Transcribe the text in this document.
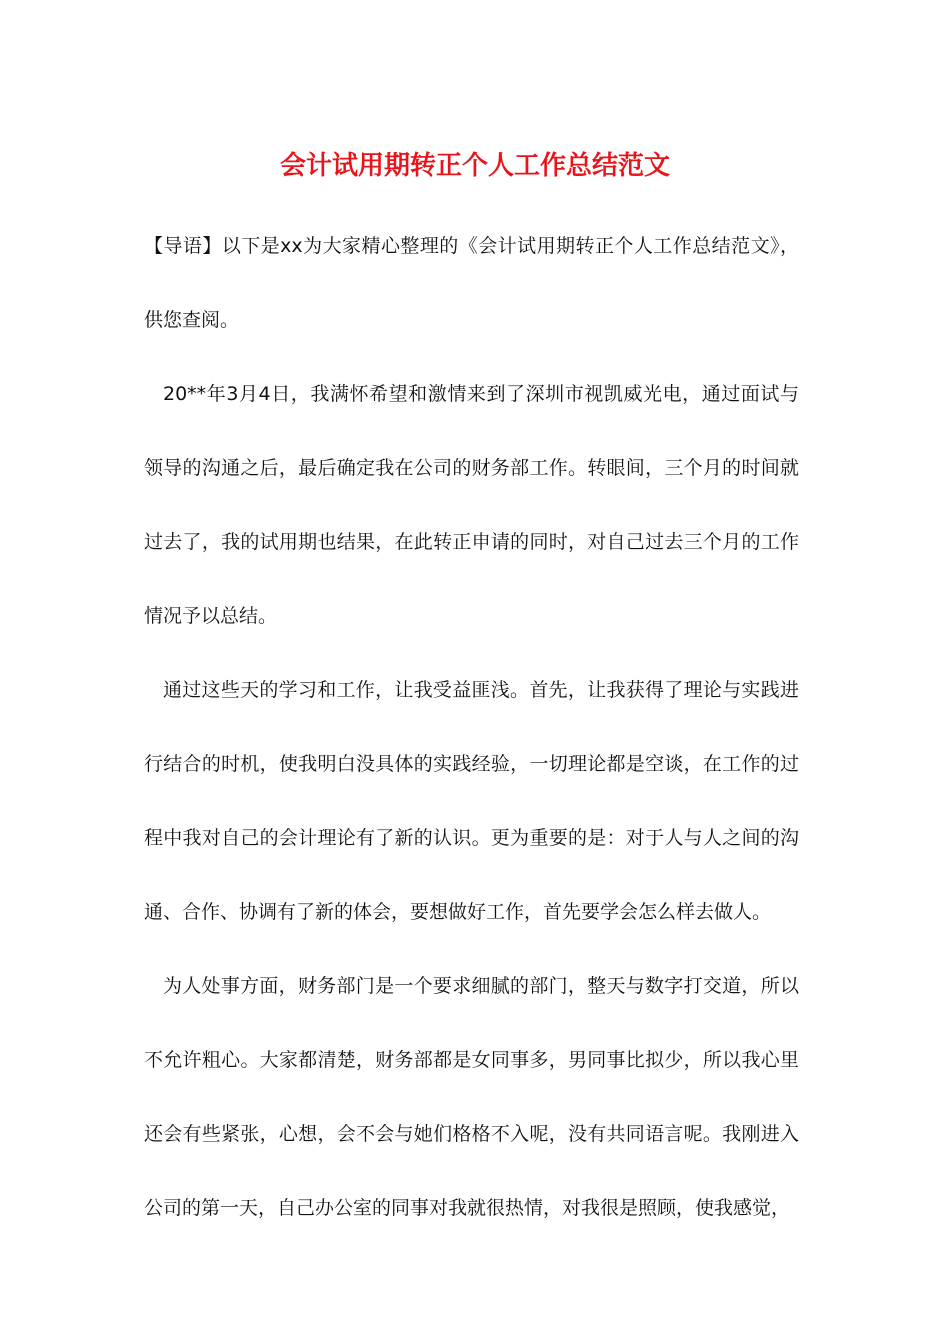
会计试用期转正个人工作总结范文

【导语】以下是xx为大家精心整理的《会计试用期转正个人工作总结范文》，供您查阅。

20**年3月4日，我满怀希望和激情来到了深圳市视凯威光电，通过面试与领导的沟通之后，最后确定我在公司的财务部工作。转眼间，三个月的时间就过去了，我的试用期也结果，在此转正申请的同时，对自己过去三个月的工作情况予以总结。

通过这些天的学习和工作，让我受益匪浅。首先，让我获得了理论与实践进行结合的时机，使我明白没具体的实践经验，一切理论都是空谈，在工作的过程中我对自己的会计理论有了新的认识。更为重要的是：对于人与人之间的沟通、合作、协调有了新的体会，要想做好工作，首先要学会怎么样去做人。

为人处事方面，财务部门是一个要求细腻的部门，整天与数字打交道，所以不允许粗心。大家都清楚，财务部都是女同事多，男同事比拟少，所以我心里还会有些紧张，心想，会不会与她们格格不入呢，没有共同语言呢。我刚进入公司的第一天，自己办公室的同事对我就很热情，对我很是照顾，使我感觉，
